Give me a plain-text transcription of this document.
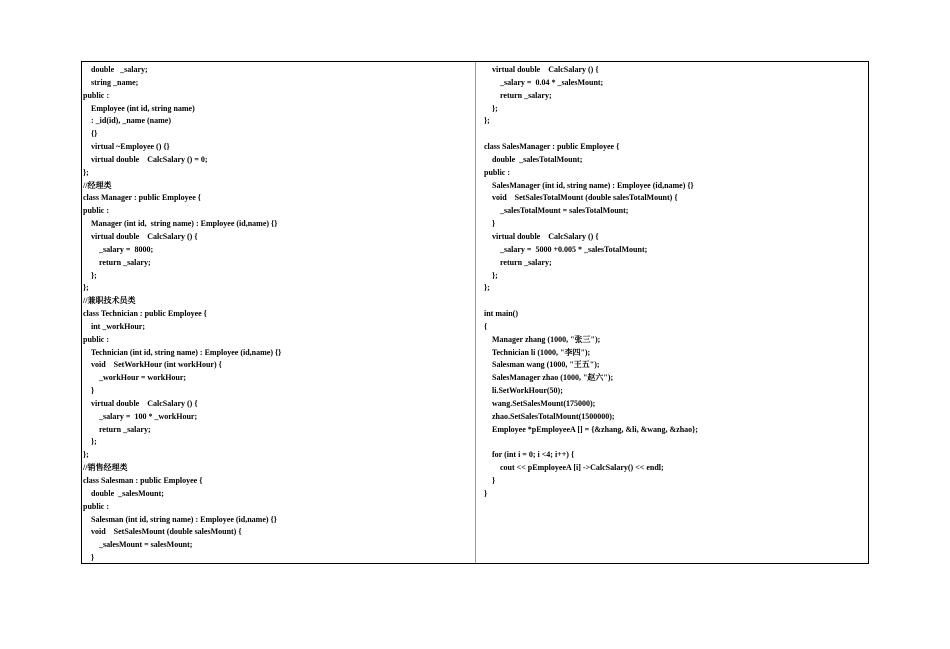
double   _salary;
string _name;
public :
Employee (int id, string name)
: _id(id), _name (name)
{}
virtual ~Employee () {}
virtual double    CalcSalary () = 0;
};
//经理类
class Manager : public Employee {
public :
Manager (int id,  string name) : Employee (id,name) {}
virtual double    CalcSalary () {
_salary =  8000;
return _salary;
};
};
//兼职技术员类
class Technician : public Employee {
int _workHour;
public :
Technician (int id, string name) : Employee (id,name) {}
void    SetWorkHour (int workHour) {
_workHour = workHour;
}
virtual double    CalcSalary () {
_salary =  100 * _workHour;
return _salary;
};
};
//销售经理类
class Salesman : public Employee {
double  _salesMount;
public :
Salesman (int id, string name) : Employee (id,name) {}
void    SetSalesMount (double salesMount) {
_salesMount = salesMount;
}
virtual double    CalcSalary () {
_salary =  0.04 * _salesMount;
return _salary;
};
};
class SalesManager : public Employee {
double  _salesTotalMount;
public :
SalesManager (int id, string name) : Employee (id,name) {}
void    SetSalesTotalMount (double salesTotalMount) {
_salesTotalMount = salesTotalMount;
}
virtual double    CalcSalary () {
_salary =  5000 +0.005 * _salesTotalMount;
return _salary;
};
};
int main()
{
Manager zhang (1000, "张三");
Technician li (1000, "李四");
Salesman wang (1000, "王五");
SalesManager zhao (1000, "赵六");
li.SetWorkHour(50);
wang.SetSalesMount(175000);
zhao.SetSalesTotalMount(1500000);
Employee *pEmployeeA [] = {&zhang, &li, &wang, &zhao};
for (int i = 0; i <4; i++) {
cout << pEmployeeA [i] ->CalcSalary() << endl;
}
}
